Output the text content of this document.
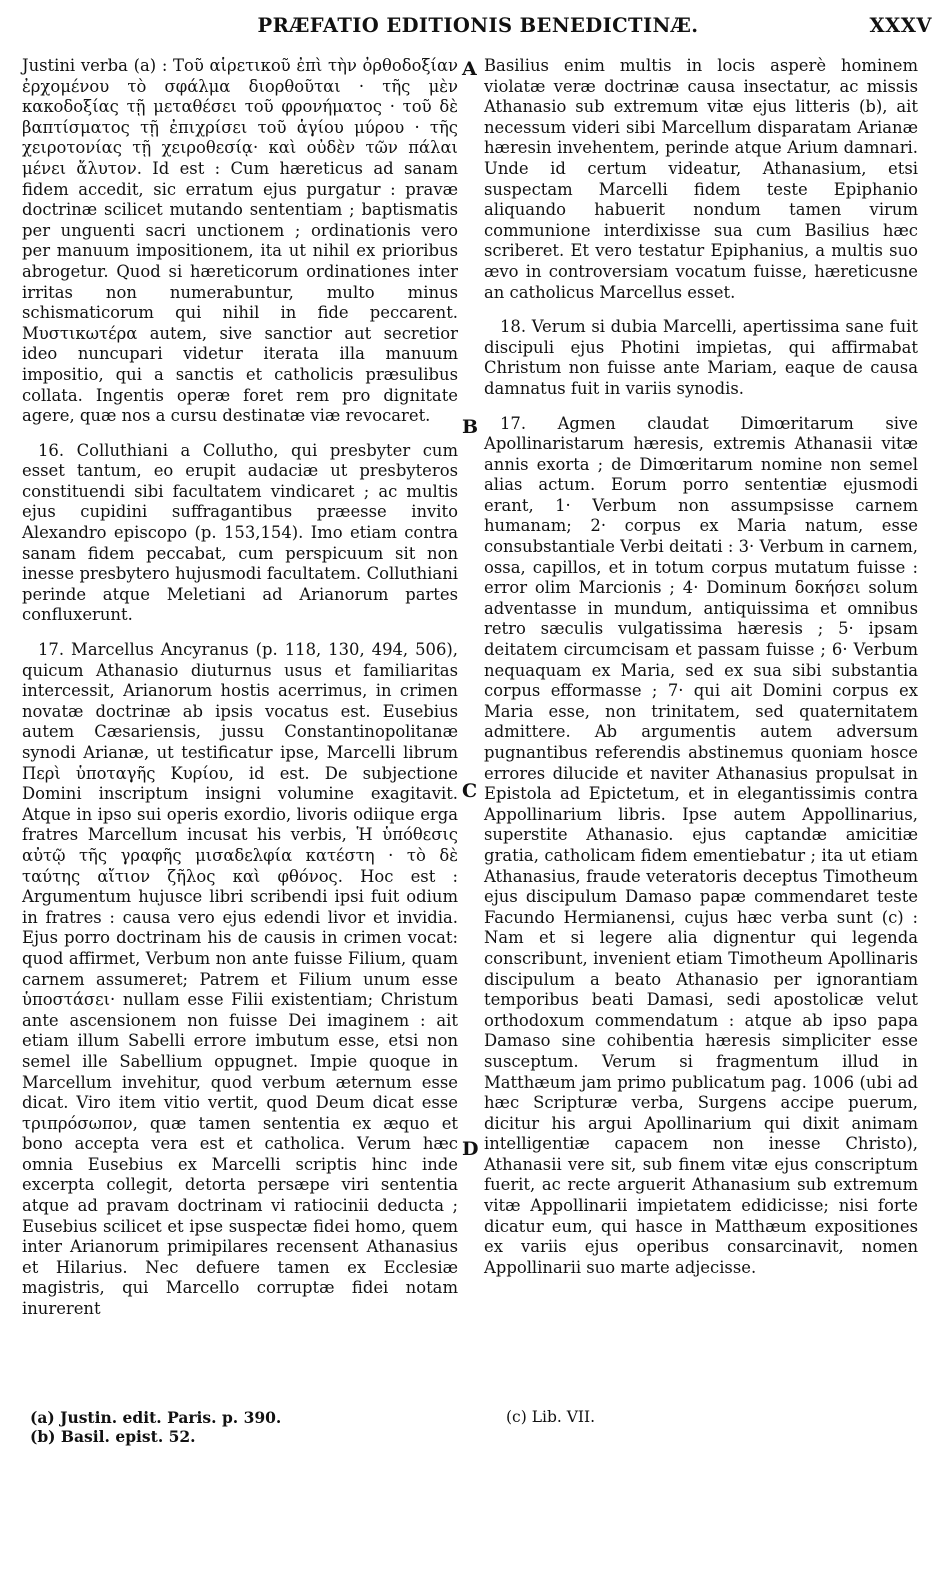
PRÆFATIO EDITIONIS BENEDICTINÆ.	XXXV
A
B
C
D

Justini verba (a) : Τοῦ αἱρετικοῦ ἐπὶ τὴν ὀρθοδοξίαν ἐρχομένου τὸ σφάλμα διορθοῦται · τῆς μὲν κακοδοξίας τῇ μεταθέσει τοῦ φρονήματος · τοῦ δὲ βαπτίσματος τῇ ἐπιχρίσει τοῦ ἁγίου μύρου · τῆς χειροτονίας τῇ χειροθεσίᾳ· καὶ οὐδὲν τῶν πάλαι μένει ἄλυτον. Id est : Cum hæreticus ad sanam fidem accedit, sic erratum ejus purgatur : pravæ doctrinæ scilicet mutando sententiam ; baptismatis per unguenti sacri unctionem ; ordinationis vero per manuum impositionem, ita ut nihil ex prioribus abrogetur. Quod si hæreticorum ordinationes inter irritas non numerabuntur, multo minus schismaticorum qui nihil in fide peccarent. Μυστικωτέρα autem, sive sanctior aut secretior ideo nuncupari videtur iterata illa manuum impositio, qui a sanctis et catholicis præsulibus collata. Ingentis operæ foret rem pro dignitate agere, quæ nos a cursu destinatæ viæ revocaret.

16. Colluthiani a Collutho, qui presbyter cum esset tantum, eo erupit audaciæ ut presbyteros constituendi sibi facultatem vindicaret ; ac multis ejus cupidini suffragantibus præesse invito Alexandro episcopo (p. 153,154). Imo etiam contra sanam fidem peccabat, cum perspicuum sit non inesse presbytero hujusmodi facultatem. Colluthiani perinde atque Meletiani ad Arianorum partes confluxerunt.

17. Marcellus Ancyranus (p. 118, 130, 494, 506), quicum Athanasio diuturnus usus et familiaritas intercessit, Arianorum hostis acerrimus, in crimen novatæ doctrinæ ab ipsis vocatus est. Eusebius autem Cæsariensis, jussu Constantinopolitanæ synodi Arianæ, ut testificatur ipse, Marcelli librum Περὶ ὑποταγῆς Κυρίου, id est. De subjectione Domini inscriptum insigni volumine exagitavit. Atque in ipso sui operis exordio, livoris odiique erga fratres Marcellum incusat his verbis, Ἡ ὑπόθεσις αὐτῷ τῆς γραφῆς μισαδελφία κατέστη · τὸ δὲ ταύτης αἴτιον ζῆλος καὶ φθόνος. Hoc est : Argumentum hujusce libri scribendi ipsi fuit odium in fratres : causa vero ejus edendi livor et invidia. Ejus porro doctrinam his de causis in crimen vocat: quod affirmet, Verbum non ante fuisse Filium, quam carnem assumeret; Patrem et Filium unum esse ὑποστάσει· nullam esse Filii existentiam; Christum ante ascensionem non fuisse Dei imaginem : ait etiam illum Sabelli errore imbutum esse, etsi non semel ille Sabellium oppugnet. Impie quoque in Marcellum invehitur, quod verbum æternum esse dicat. Viro item vitio vertit, quod Deum dicat esse τριπρόσωπον, quæ tamen sententia ex æquo et bono accepta vera est et catholica. Verum hæc omnia Eusebius ex Marcelli scriptis hinc inde excerpta collegit, detorta persæpe viri sententia atque ad pravam doctrinam vi ratiocinii deducta ; Eusebius scilicet et ipse suspectæ fidei homo, quem inter Arianorum primipilares recensent Athanasius et Hilarius. Nec defuere tamen ex Ecclesiæ magistris, qui Marcello corruptæ fidei notam inurerent

Basilius enim multis in locis asperè hominem violatæ veræ doctrinæ causa insectatur, ac missis Athanasio sub extremum vitæ ejus litteris (b), ait necessum videri sibi Marcellum disparatam Arianæ hæresin invehentem, perinde atque Arium damnari. Unde id certum videatur, Athanasium, etsi suspectam Marcelli fidem teste Epiphanio aliquando habuerit nondum tamen virum communione interdixisse sua cum Basilius hæc scriberet. Et vero testatur Epiphanius, a multis suo ævo in controversiam vocatum fuisse, hæreticusne an catholicus Marcellus esset.

18. Verum si dubia Marcelli, apertissima sane fuit discipuli ejus Photini impietas, qui affirmabat Christum non fuisse ante Mariam, eaque de causa damnatus fuit in variis synodis.

17. Agmen claudat Dimœritarum sive Apollinaristarum hæresis, extremis Athanasii vitæ annis exorta ; de Dimœritarum nomine non semel alias actum. Eorum porro sententiæ ejusmodi erant, 1· Verbum non assumpsisse carnem humanam; 2· corpus ex Maria natum, esse consubstantiale Verbi deitati : 3· Verbum in carnem, ossa, capillos, et in totum corpus mutatum fuisse : error olim Marcionis ; 4· Dominum δοκήσει solum adventasse in mundum, antiquissima et omnibus retro sæculis vulgatissima hæresis ; 5· ipsam deitatem circumcisam et passam fuisse ; 6· Verbum nequaquam ex Maria, sed ex sua sibi substantia corpus efformasse ; 7· qui ait Domini corpus ex Maria esse, non trinitatem, sed quaternitatem admittere. Ab argumentis autem adversum pugnantibus referendis abstinemus quoniam hosce errores dilucide et naviter Athanasius propulsat in Epistola ad Epictetum, et in elegantissimis contra Appollinarium libris. Ipse autem Appollinarius, superstite Athanasio. ejus captandæ amicitiæ gratia, catholicam fidem ementiebatur ; ita ut etiam Athanasius, fraude veteratoris deceptus Timotheum ejus discipulum Damaso papæ commendaret teste Facundo Hermianensi, cujus hæc verba sunt (c) : Nam et si legere alia dignentur qui legenda conscribunt, invenient etiam Timotheum Apollinaris discipulum a beato Athanasio per ignorantiam temporibus beati Damasi, sedi apostolicæ velut orthodoxum commendatum : atque ab ipso papa Damaso sine cohibentia hæresis simpliciter esse susceptum. Verum si fragmentum illud in Matthæum jam primo publicatum pag. 1006 (ubi ad hæc Scripturæ verba, Surgens accipe puerum, dicitur his argui Apollinarium qui dixit animam intelligentiæ capacem non inesse Christo), Athanasii vere sit, sub finem vitæ ejus conscriptum fuerit, ac recte arguerit Athanasium sub extremum vitæ Appollinarii impietatem edidicisse; nisi forte dicatur eum, qui hasce in Matthæum expositiones ex variis ejus operibus consarcinavit, nomen Appollinarii suo marte adjecisse.

(a) Justin. edit. Paris. p. 390.
(b) Basil. epist. 52.
(c) Lib. VII.
